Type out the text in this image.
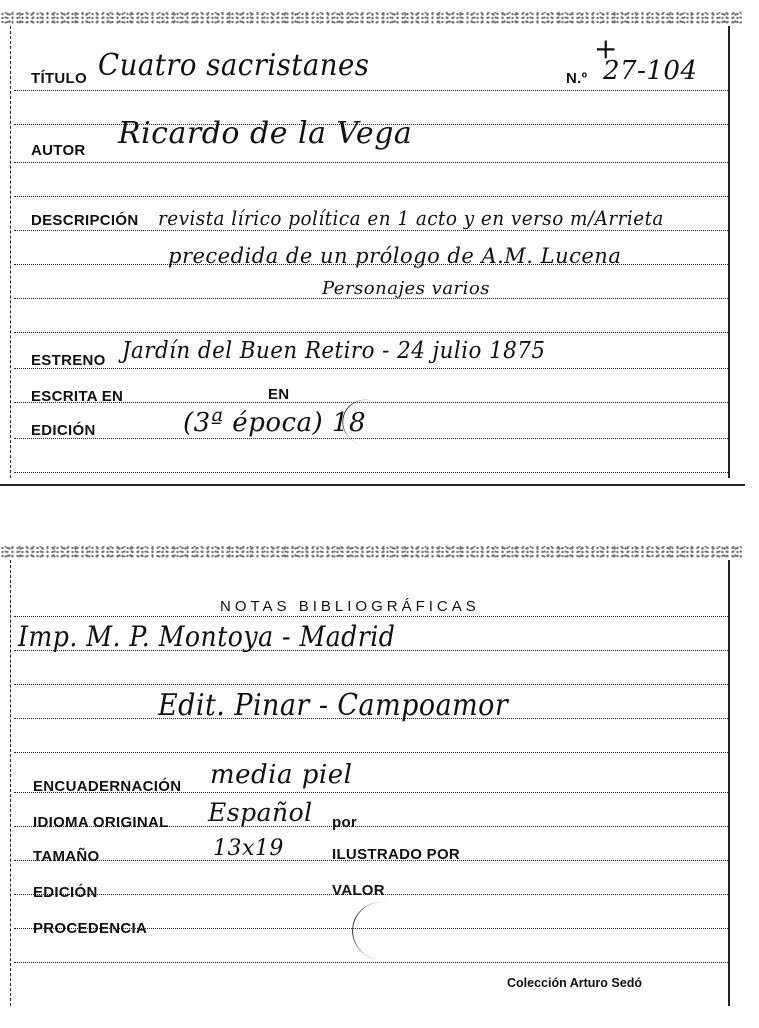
TÍTULO Cuatro sacristanes	N.º 27-104
+
AUTOR Ricardo de la Vega
DESCRIPCIÓN revista lírico política en 1 acto y en verso m/Arrieta
precedida de un prólogo de A.M. Lucena
Personajes varios
ESTRENO Jardín del Buen Retiro - 24 julio 1875
ESCRITA EN	EN
EDICIÓN	(3ª época) 18
NOTAS BIBLIOGRÁFICAS
Imp. M. P. Montoya - Madrid
Edit. Pinar - Campoamor
ENCUADERNACIÓN media piel
IDIOMA ORIGINAL Español por
TAMAÑO	13x19	ILUSTRADO POR
EDICIÓN	VALOR
PROCEDENCIA
Colección Arturo Sedó
